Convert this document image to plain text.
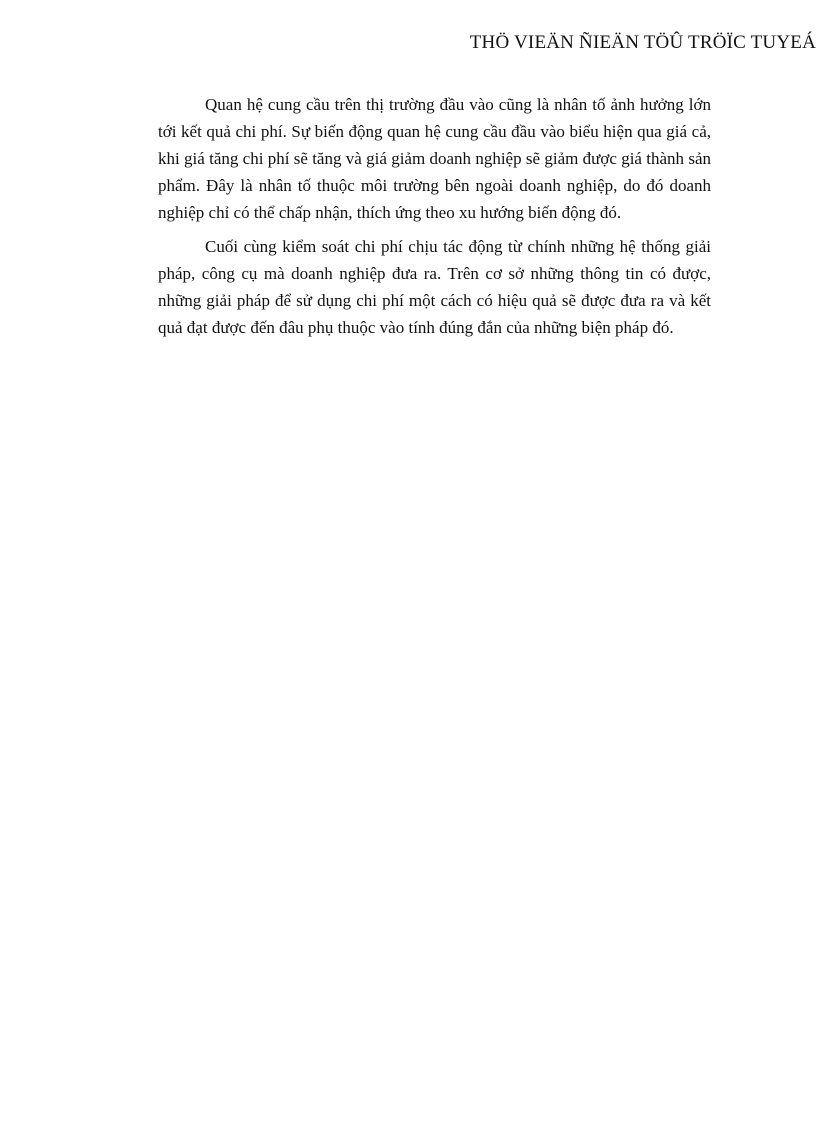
THÖ VIEÄN ÑIEÄN TÖÛ TRÖÏC TUYEÁ

Quan hệ cung cầu trên thị trường đầu vào cũng là nhân tố ảnh hưởng lớn tới kết quả chi phí. Sự biến động quan hệ cung cầu đầu vào biểu hiện qua giá cả, khi giá tăng chi phí sẽ tăng và giá giảm doanh nghiệp sẽ giảm được giá thành sản phẩm. Đây là nhân tố thuộc môi trường bên ngoài doanh nghiệp, do đó doanh nghiệp chỉ có thể chấp nhận, thích ứng theo xu hướng biến động đó.

Cuối cùng kiểm soát chi phí chịu tác động từ chính những hệ thống giải pháp, công cụ mà doanh nghiệp đưa ra. Trên cơ sở những thông tin có được, những giải pháp để sử dụng chi phí một cách có hiệu quả sẽ được đưa ra và kết quả đạt được đến đâu phụ thuộc vào tính đúng đắn của những biện pháp đó.
